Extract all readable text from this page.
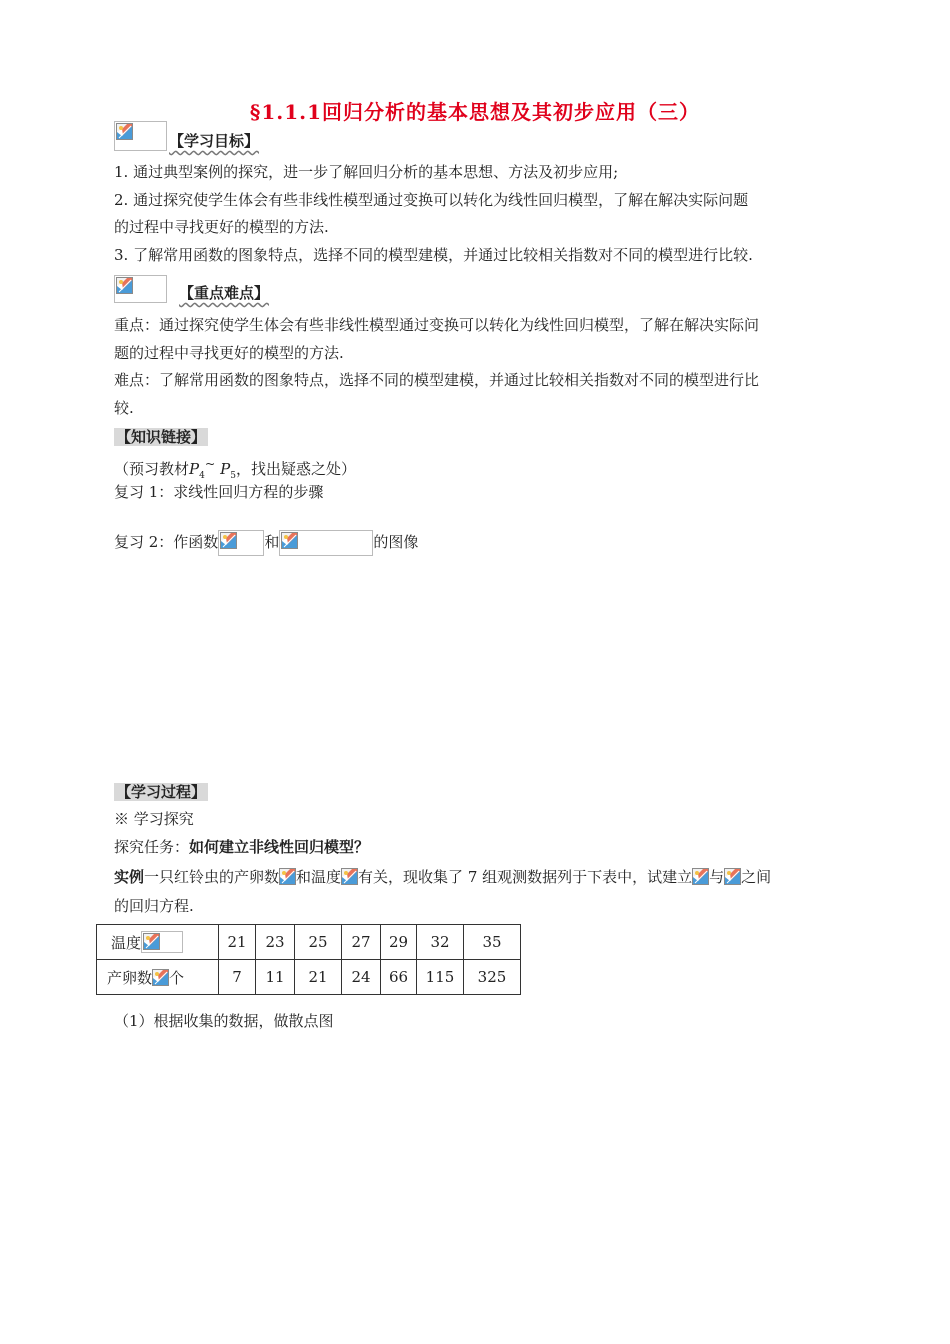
§1.1.1回归分析的基本思想及其初步应用（三）
【学习目标】
1. 通过典型案例的探究，进一步了解回归分析的基本思想、方法及初步应用;
2. 通过探究使学生体会有些非线性模型通过变换可以转化为线性回归模型，了解在解决实际问题
的过程中寻找更好的模型的方法.
3. 了解常用函数的图象特点，选择不同的模型建模，并通过比较相关指数对不同的模型进行比较.
【重点难点】
重点：通过探究使学生体会有些非线性模型通过变换可以转化为线性回归模型，了解在解决实际问
题的过程中寻找更好的模型的方法.
难点：了解常用函数的图象特点，选择不同的模型建模，并通过比较相关指数对不同的模型进行比
较.
【知识链接】
（预习教材$P_4^\sim$ $P_5$，找出疑惑之处）
复习 1：求线性回归方程的步骤
复习 2：作函数	和	的图像
【学习过程】
※ 学习探究
探究任务：如何建立非线性回归模型？
实例一只红铃虫的产卵数 和温度 有关，现收集了 7 组观测数据列于下表中，试建立 与 之间
的回归方程.
温度	21	23	25	27	29	32	35
产卵数 个	7	11	21	24	66	115	325
（1）根据收集的数据，做散点图
